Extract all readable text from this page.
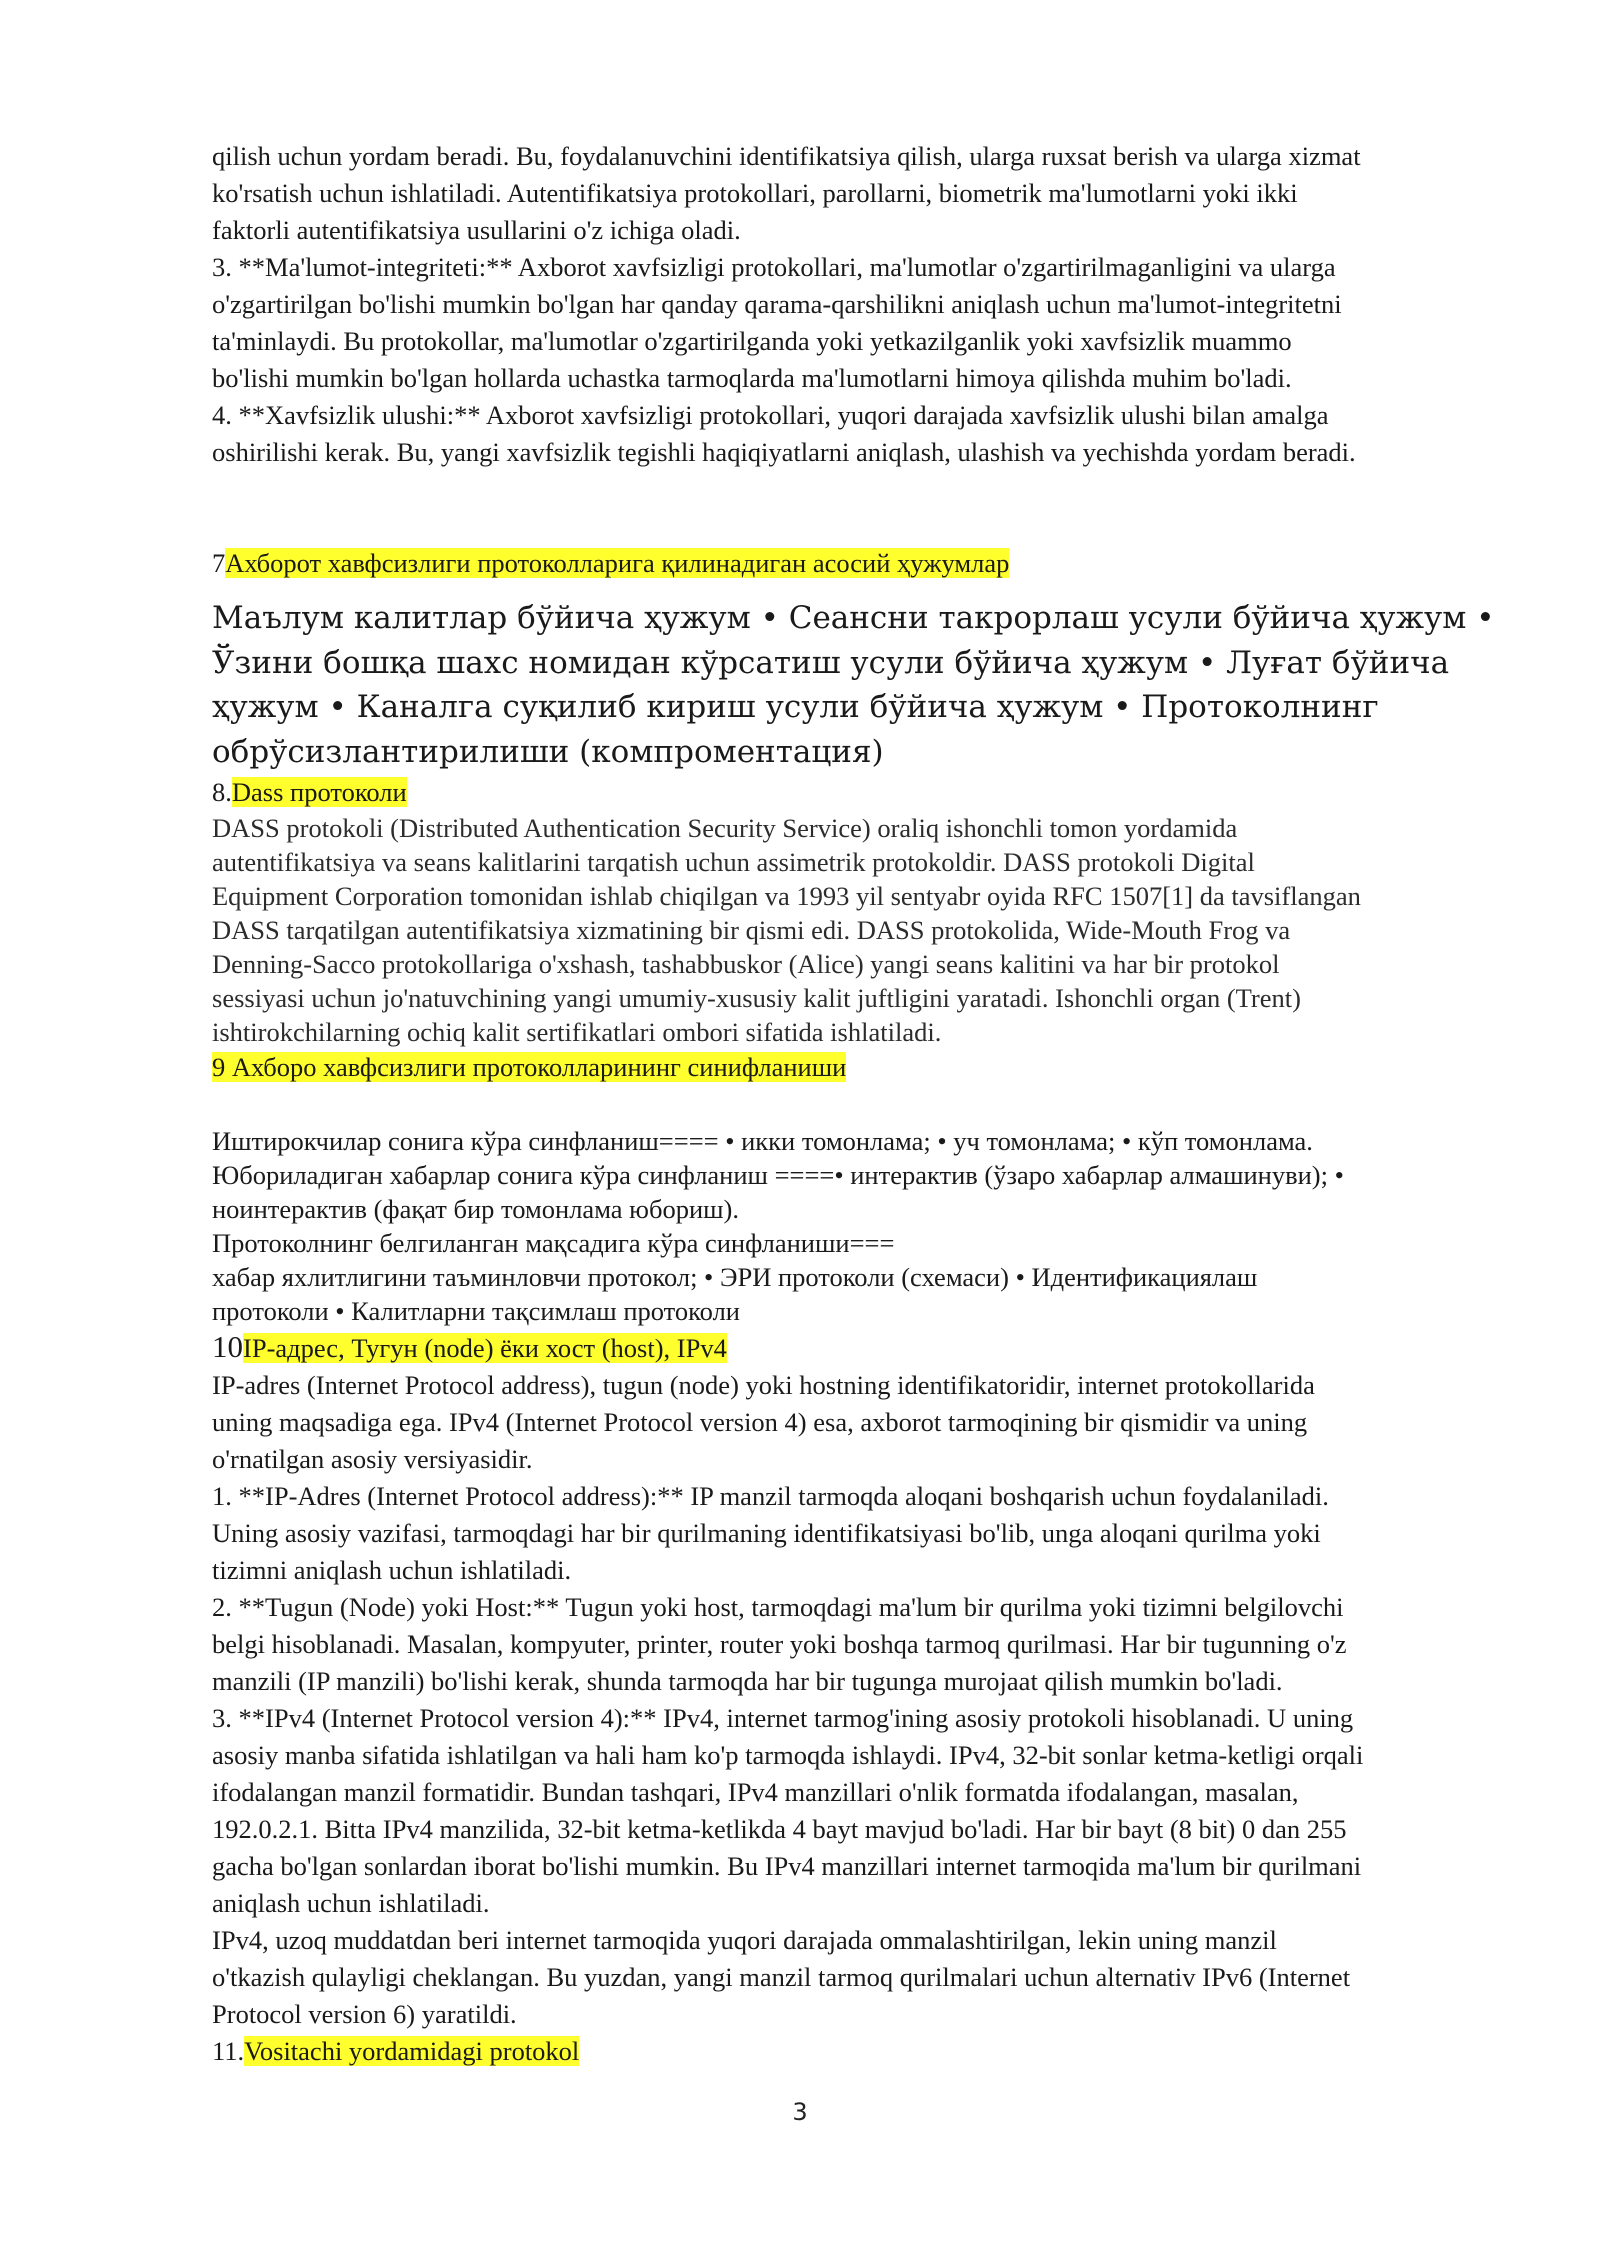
qilish uchun yordam beradi. Bu, foydalanuvchini identifikatsiya qilish, ularga ruxsat berish va ularga xizmat

ko'rsatish uchun ishlatiladi. Autentifikatsiya protokollari, parollarni, biometrik ma'lumotlarni yoki ikki

faktorli autentifikatsiya usullarini o'z ichiga oladi.

3. **Ma'lumot-integriteti:** Axborot xavfsizligi protokollari, ma'lumotlar o'zgartirilmaganligini va ularga

o'zgartirilgan bo'lishi mumkin bo'lgan har qanday qarama-qarshilikni aniqlash uchun ma'lumot-integritetni

ta'minlaydi. Bu protokollar, ma'lumotlar o'zgartirilganda yoki yetkazilganlik yoki xavfsizlik muammo

bo'lishi mumkin bo'lgan hollarda uchastka tarmoqlarda ma'lumotlarni himoya qilishda muhim bo'ladi.

4. **Xavfsizlik ulushi:** Axborot xavfsizligi protokollari, yuqori darajada xavfsizlik ulushi bilan amalga

oshirilishi kerak. Bu, yangi xavfsizlik tegishli haqiqiyatlarni aniqlash, ulashish va yechishda yordam beradi.

7Ахборот хавфсизлиги протоколларига қилинадиган асосий ҳужумлар

Маълум калитлар бўйича ҳужум • Сеансни такрорлаш усули бўйича ҳужум •
Ўзини бошқа шахс номидан кўрсатиш усули бўйича ҳужум • Луғат бўйича
ҳужум • Каналга суқилиб кириш усули бўйича ҳужум • Протоколнинг
обрўсизлантирилиши (компроментация)

8.Dass протоколи

DASS protokoli (Distributed Authentication Security Service) oraliq ishonchli tomon yordamida

autentifikatsiya va seans kalitlarini tarqatish uchun assimetrik protokoldir. DASS protokoli Digital

Equipment Corporation tomonidan ishlab chiqilgan va 1993 yil sentyabr oyida RFC 1507[1] da tavsiflangan

DASS tarqatilgan autentifikatsiya xizmatining bir qismi edi. DASS protokolida, Wide-Mouth Frog va

Denning-Sacco protokollariga o'xshash, tashabbuskor (Alice) yangi seans kalitini va har bir protokol

sessiyasi uchun jo'natuvchining yangi umumiy-xususiy kalit juftligini yaratadi. Ishonchli organ (Trent)

ishtirokchilarning ochiq kalit sertifikatlari ombori sifatida ishlatiladi.

9 Ахборо хавфсизлиги протоколларининг синифланиши

Иштирокчилар сонига кўра синфланиш==== • икки томонлама; • уч томонлама; • кўп томонлама.

Юбориладиган хабарлар сонига кўра синфланиш ====• интерактив (ўзаро хабарлар алмашинуви); •

ноинтерактив (фақат бир томонлама юбориш).

Протоколнинг белгиланган мақсадига кўра синфланиши===

хабар яхлитлигини таъминловчи протокол; • ЭРИ протоколи (схемаси) • Идентификациялаш

протоколи • Калитларни тақсимлаш протоколи

10IP-адрес, Тугун (node) ёки хост (host), IPv4

IP-adres (Internet Protocol address), tugun (node) yoki hostning identifikatoridir, internet protokollarida

uning maqsadiga ega. IPv4 (Internet Protocol version 4) esa, axborot tarmoqining bir qismidir va uning

o'rnatilgan asosiy versiyasidir.

1. **IP-Adres (Internet Protocol address):** IP manzil tarmoqda aloqani boshqarish uchun foydalaniladi.

Uning asosiy vazifasi, tarmoqdagi har bir qurilmaning identifikatsiyasi bo'lib, unga aloqani qurilma yoki

tizimni aniqlash uchun ishlatiladi.

2. **Tugun (Node) yoki Host:** Tugun yoki host, tarmoqdagi ma'lum bir qurilma yoki tizimni belgilovchi

belgi hisoblanadi. Masalan, kompyuter, printer, router yoki boshqa tarmoq qurilmasi. Har bir tugunning o'z

manzili (IP manzili) bo'lishi kerak, shunda tarmoqda har bir tugunga murojaat qilish mumkin bo'ladi.

3. **IPv4 (Internet Protocol version 4):** IPv4, internet tarmog'ining asosiy protokoli hisoblanadi. U uning

asosiy manba sifatida ishlatilgan va hali ham ko'p tarmoqda ishlaydi. IPv4, 32-bit sonlar ketma-ketligi orqali

ifodalangan manzil formatidir. Bundan tashqari, IPv4 manzillari o'nlik formatda ifodalangan, masalan,

192.0.2.1. Bitta IPv4 manzilida, 32-bit ketma-ketlikda 4 bayt mavjud bo'ladi. Har bir bayt (8 bit) 0 dan 255

gacha bo'lgan sonlardan iborat bo'lishi mumkin. Bu IPv4 manzillari internet tarmoqida ma'lum bir qurilmani

aniqlash uchun ishlatiladi.

IPv4, uzoq muddatdan beri internet tarmoqida yuqori darajada ommalashtirilgan, lekin uning manzil

o'tkazish qulayligi cheklangan. Bu yuzdan, yangi manzil tarmoq qurilmalari uchun alternativ IPv6 (Internet

Protocol version 6) yaratildi.

11.Vositachi yordamidagi protokol

3
